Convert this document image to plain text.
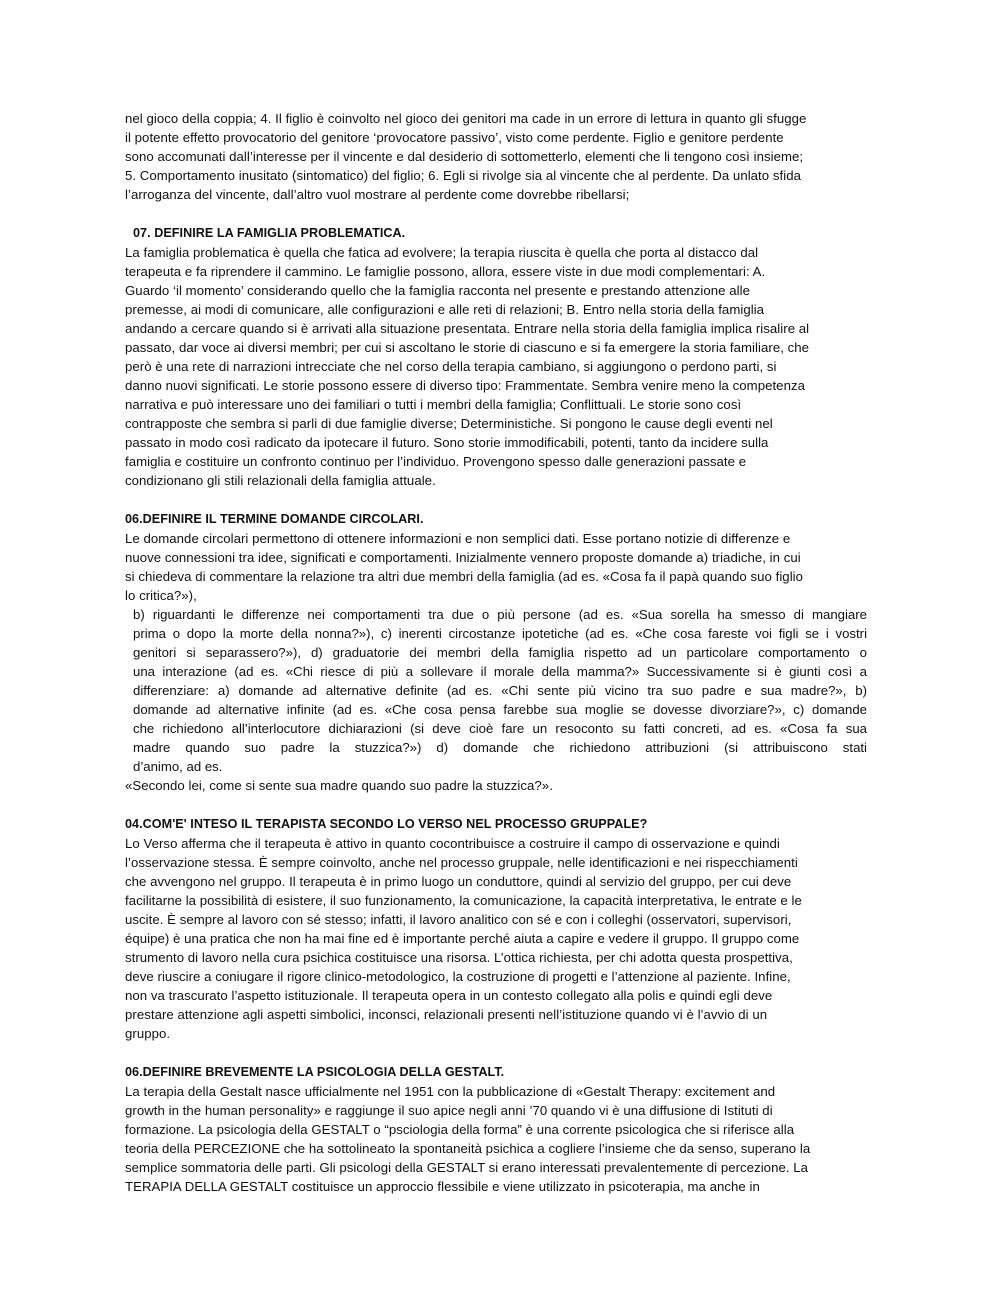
nel gioco della coppia; 4. Il figlio è coinvolto nel gioco dei genitori ma cade in un errore di lettura in quanto gli sfugge
il potente effetto provocatorio del genitore ‘provocatore passivo’, visto come perdente. Figlio e genitore perdente
sono accomunati dall’interesse per il vincente e dal desiderio di sottometterlo, elementi che li tengono così insieme;
5. Comportamento inusitato (sintomatico) del figlio; 6. Egli si rivolge sia al vincente che al perdente. Da unlato sfida
l’arroganza del vincente, dall’altro vuol mostrare al perdente come dovrebbe ribellarsi;
07. DEFINIRE LA FAMIGLIA PROBLEMATICA.
La famiglia problematica è quella che fatica ad evolvere; la terapia riuscita è quella che porta al distacco dal
terapeuta e fa riprendere il cammino. Le famiglie possono, allora, essere viste in due modi complementari: A.
Guardo ‘il momento’ considerando quello che la famiglia racconta nel presente e prestando attenzione alle
premesse, ai modi di comunicare, alle configurazioni e alle reti di relazioni; B. Entro nella storia della famiglia
andando a cercare quando si è arrivati alla situazione presentata. Entrare nella storia della famiglia implica risalire al
passato, dar voce ai diversi membri; per cui si ascoltano le storie di ciascuno e si fa emergere la storia familiare, che
però è una rete di narrazioni intrecciate che nel corso della terapia cambiano, si aggiungono o perdono parti, si
danno nuovi significati. Le storie possono essere di diverso tipo: Frammentate. Sembra venire meno la competenza
narrativa e può interessare uno dei familiari o tutti i membri della famiglia; Conflittuali. Le storie sono così
contrapposte che sembra si parli di due famiglie diverse; Deterministiche. Si pongono le cause degli eventi nel
passato in modo così radicato da ipotecare il futuro. Sono storie immodificabili, potenti, tanto da incidere sulla
famiglia e costituire un confronto continuo per l’individuo. Provengono spesso dalle generazioni passate e
condizionano gli stili relazionali della famiglia attuale.
06.DEFINIRE IL TERMINE DOMANDE CIRCOLARI.
Le domande circolari permettono di ottenere informazioni e non semplici dati. Esse portano notizie di differenze e
nuove connessioni tra idee, significati e comportamenti. Inizialmente vennero proposte domande a) triadiche, in cui
si chiedeva di commentare la relazione tra altri due membri della famiglia (ad es. «Cosa fa il papà quando suo figlio
lo critica?»),
b) riguardanti le differenze nei comportamenti tra due o più persone (ad es. «Sua sorella ha smesso di mangiare
prima o dopo la morte della nonna?»), c) inerenti circostanze ipotetiche (ad es. «Che cosa fareste voi figli se i vostri
genitori si separassero?»), d) graduatorie dei membri della famiglia rispetto ad un particolare comportamento o
una interazione (ad es. «Chi riesce di più a sollevare il morale della mamma?» Successivamente si è giunti così a
differenziare: a) domande ad alternative definite (ad es. «Chi sente più vicino tra suo padre e sua madre?», b)
domande ad alternative infinite (ad es. «Che cosa pensa farebbe sua moglie se dovesse divorziare?», c) domande
che richiedono all’interlocutore dichiarazioni (si deve cioè fare un resoconto su fatti concreti, ad es. «Cosa fa sua
madre quando suo padre la stuzzica?») d) domande che richiedono attribuzioni (si attribuiscono stati
d’animo, ad es.
«Secondo lei, come si sente sua madre quando suo padre la stuzzica?».
04.COM'E' INTESO IL TERAPISTA SECONDO LO VERSO NEL PROCESSO GRUPPALE?
Lo Verso afferma che il terapeuta è attivo in quanto cocontribuisce a costruire il campo di osservazione e quindi
l’osservazione stessa. È sempre coinvolto, anche nel processo gruppale, nelle identificazioni e nei rispecchiamenti
che avvengono nel gruppo. Il terapeuta è in primo luogo un conduttore, quindi al servizio del gruppo, per cui deve
facilitarne la possibilità di esistere, il suo funzionamento, la comunicazione, la capacità interpretativa, le entrate e le
uscite. È sempre al lavoro con sé stesso; infatti, il lavoro analitico con sé e con i colleghi (osservatori, supervisori,
équipe) è una pratica che non ha mai fine ed è importante perché aiuta a capire e vedere il gruppo. Il gruppo come
strumento di lavoro nella cura psichica costituisce una risorsa. L’ottica richiesta, per chi adotta questa prospettiva,
deve riuscire a coniugare il rigore clinico-metodologico, la costruzione di progetti e l’attenzione al paziente. Infine,
non va trascurato l’aspetto istituzionale. Il terapeuta opera in un contesto collegato alla polis e quindi egli deve
prestare attenzione agli aspetti simbolici, inconsci, relazionali presenti nell’istituzione quando vi è l’avvio di un
gruppo.
06.DEFINIRE BREVEMENTE LA PSICOLOGIA DELLA GESTALT.
La terapia della Gestalt nasce ufficialmente nel 1951 con la pubblicazione di «Gestalt Therapy: excitement and
growth in the human personality» e raggiunge il suo apice negli anni ’70 quando vi è una diffusione di Istituti di
formazione. La psicologia della GESTALT o “psciologia della forma” è una corrente psicologica che si riferisce alla
teoria della PERCEZIONE che ha sottolineato la spontaneità psichica a cogliere l’insieme che da senso, superano la
semplice sommatoria delle parti. Gli psicologi della GESTALT si erano interessati prevalentemente di percezione. La
TERAPIA DELLA GESTALT costituisce un approccio flessibile e viene utilizzato in psicoterapia, ma anche in
